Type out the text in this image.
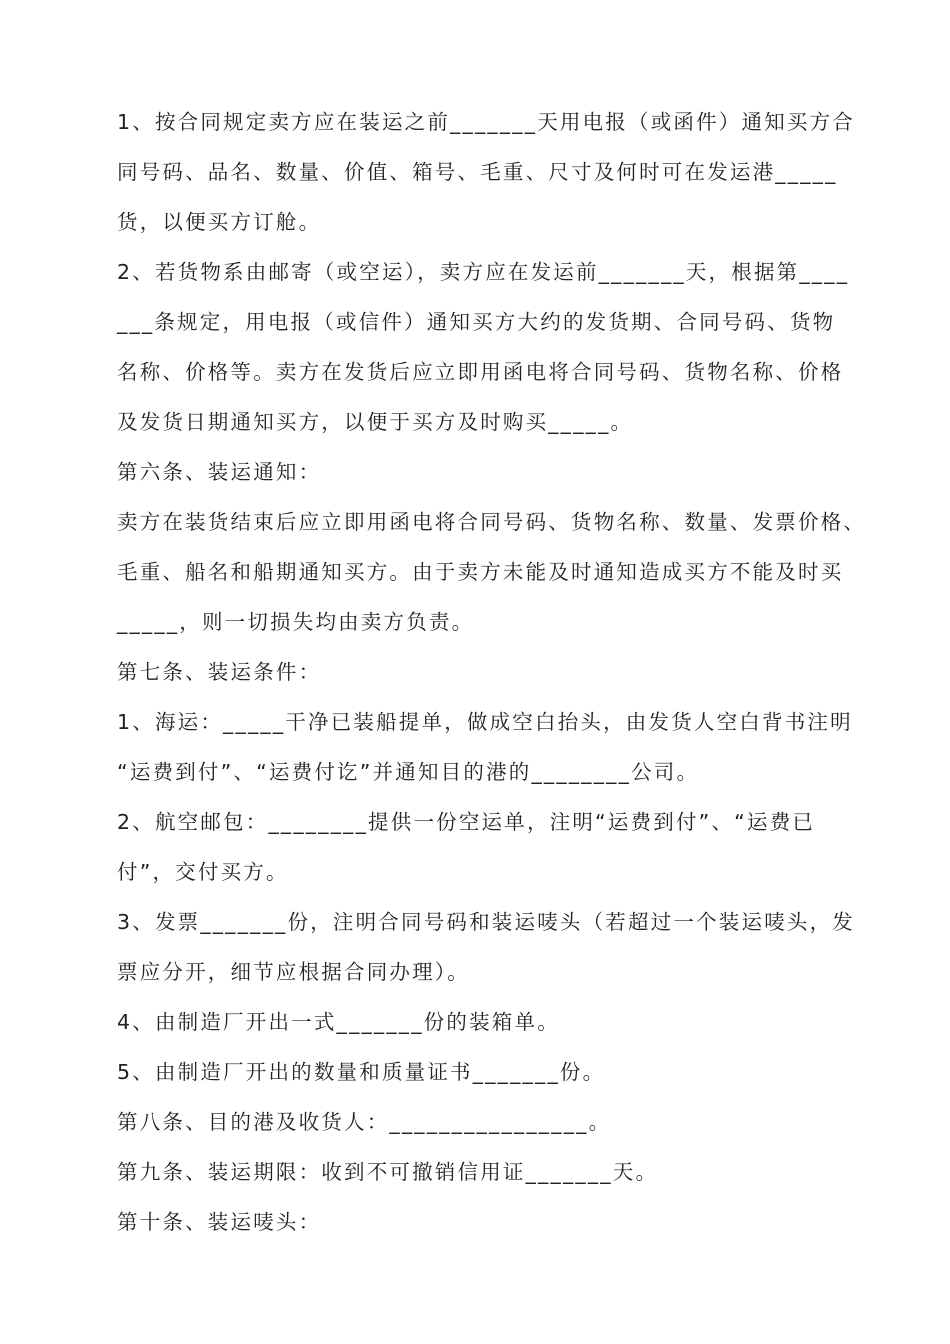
1、按合同规定卖方应在装运之前_______天用电报（或函件）通知买方合
同号码、品名、数量、价值、箱号、毛重、尺寸及何时可在发运港_____
货，以便买方订舱。
2、若货物系由邮寄（或空运），卖方应在发运前_______天，根据第____
___条规定，用电报（或信件）通知买方大约的发货期、合同号码、货物
名称、价格等。卖方在发货后应立即用函电将合同号码、货物名称、价格
及发货日期通知买方，以便于买方及时购买_____。
第六条、装运通知：
卖方在装货结束后应立即用函电将合同号码、货物名称、数量、发票价格、
毛重、船名和船期通知买方。由于卖方未能及时通知造成买方不能及时买
_____，则一切损失均由卖方负责。
第七条、装运条件：
1、海运：_____干净已装船提单，做成空白抬头，由发货人空白背书注明
“运费到付”、“运费付讫”并通知目的港的________公司。
2、航空邮包：________提供一份空运单，注明“运费到付”、“运费已
付”，交付买方。
3、发票_______份，注明合同号码和装运唛头（若超过一个装运唛头，发
票应分开，细节应根据合同办理）。
4、由制造厂开出一式_______份的装箱单。
5、由制造厂开出的数量和质量证书_______份。
第八条、目的港及收货人：________________。
第九条、装运期限：收到不可撤销信用证_______天。
第十条、装运唛头：
